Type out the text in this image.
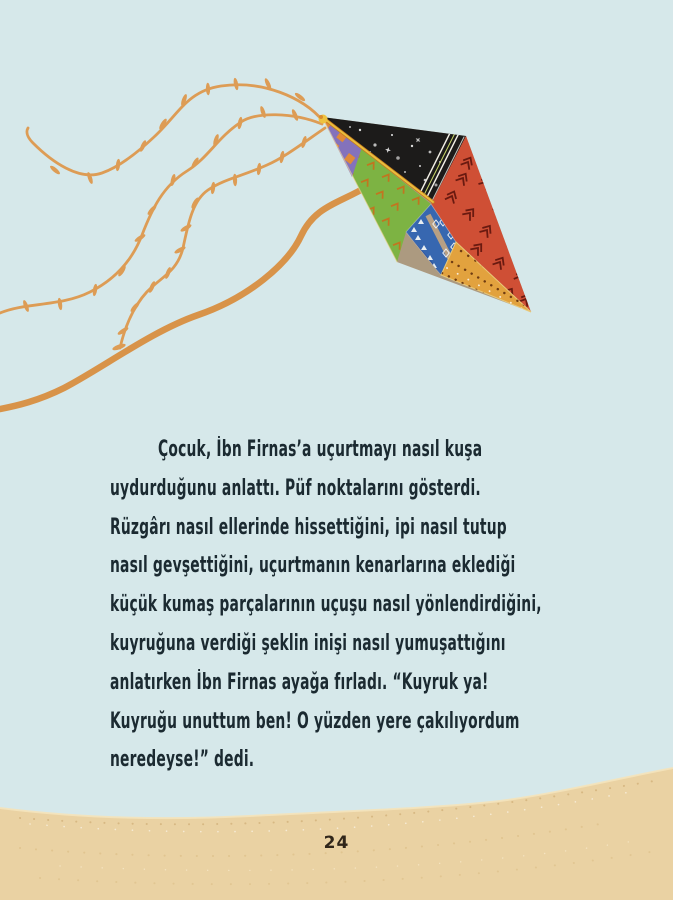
Çocuk, İbn Firnas’a uçurtmayı nasıl kuşa
uydurduğunu anlattı. Püf noktalarını gösterdi.
Rüzgârı nasıl ellerinde hissettiğini, ipi nasıl tutup
nasıl gevşettiğini, uçurtmanın kenarlarına eklediği
küçük kumaş parçalarının uçuşu nasıl yönlendirdiğini,
kuyruğuna verdiği şeklin inişi nasıl yumuşattığını
anlatırken İbn Firnas ayağa fırladı. “Kuyruk ya!
Kuyruğu unuttum ben! O yüzden yere çakılıyordum
neredeyse!” dedi.
24
